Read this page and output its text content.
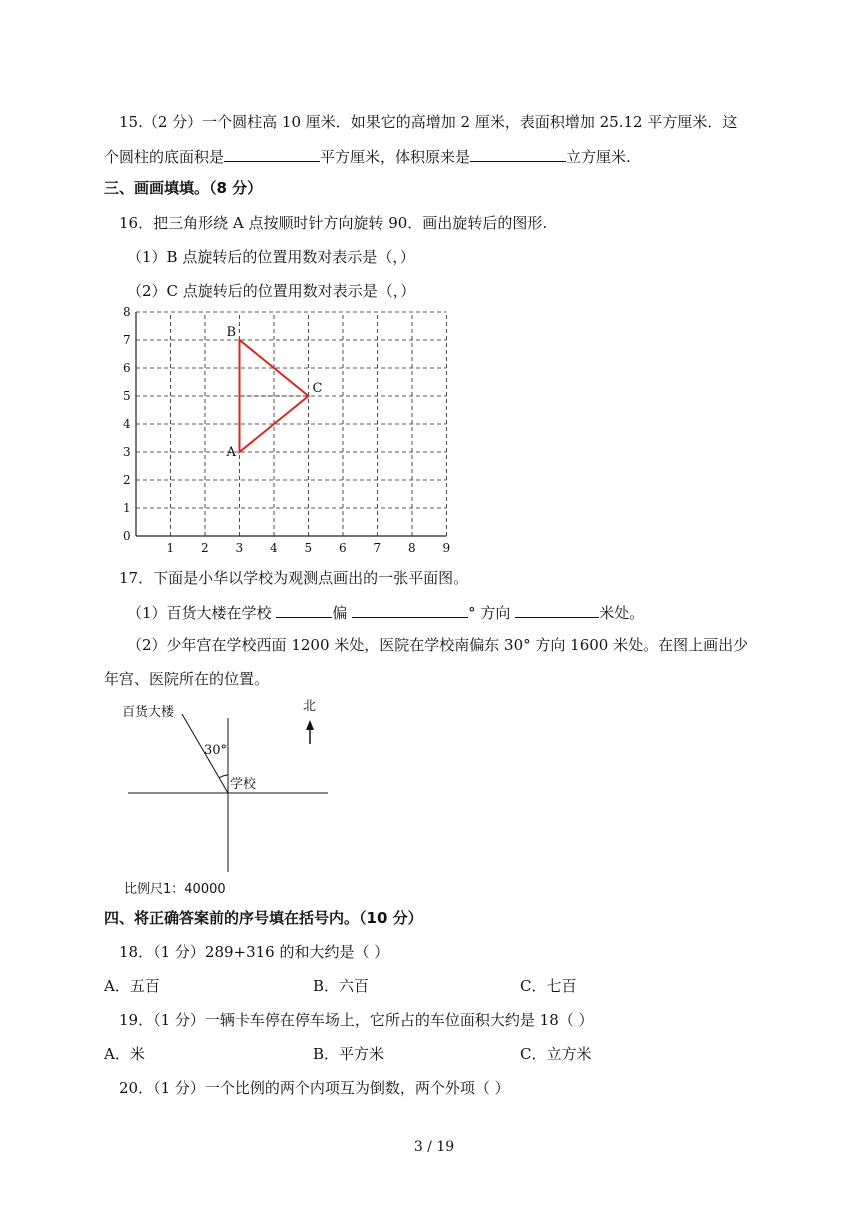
15.（2 分）一个圆柱高 10 厘米．如果它的高增加 2 厘米，表面积增加 25.12 平方厘米．这
个圆柱的底面积是	平方厘米，体积原来是	立方厘米.
三、画画填填。（8 分）
16．把三角形绕 A 点按顺时针方向旋转 90．画出旋转后的图形.
（1）B 点旋转后的位置用数对表示是（，）
（2）C 点旋转后的位置用数对表示是（，）
1 2 3 4 5 6 7 8 9
0
1
2
3
4
5
6
7
8
A
B
C
17．下面是小华以学校为观测点画出的一张平面图。
（1）百货大楼在学校	偏	° 方向	米处。
（2）少年宫在学校西面 1200 米处，医院在学校南偏东 30° 方向 1600 米处。在图上画出少
年宫、医院所在的位置。
百货大楼
30°
学校
北
比例尺1：40000
四、将正确答案前的序号填在括号内。（10 分）
18．（1 分）289+316 的和大约是（ ）
A．五百	B．六百	C．七百
19．（1 分）一辆卡车停在停车场上，它所占的车位面积大约是 18（ ）
A．米	B．平方米	C．立方米
20．（1 分）一个比例的两个内项互为倒数，两个外项（ ）
3 / 19
